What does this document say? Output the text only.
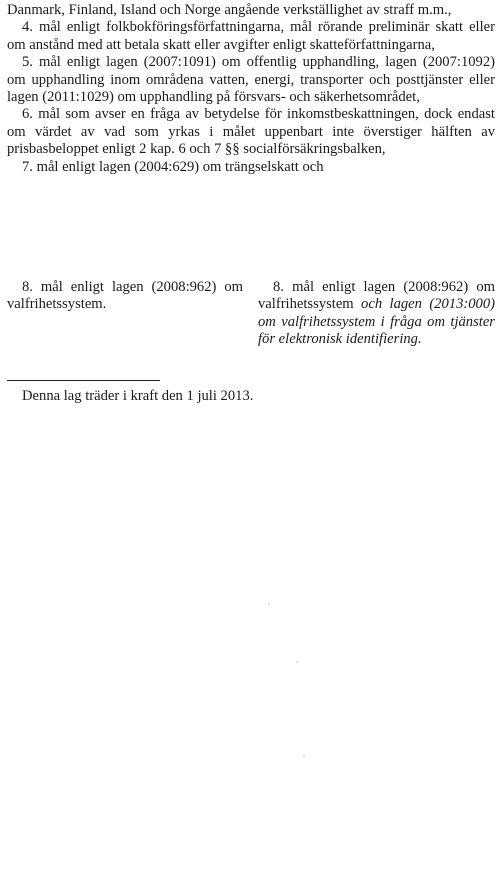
Danmark, Finland, Island och Norge angående verkställighet av straff m.m.,

4. mål enligt folkbokföringsförfattningarna, mål rörande preliminär skatt eller om anstånd med att betala skatt eller avgifter enligt skatteförfattningarna,

5. mål enligt lagen (2007:1091) om offentlig upphandling, lagen (2007:1092) om upphandling inom områdena vatten, energi, transporter och posttjänster eller lagen (2011:1029) om upphandling på försvars- och säkerhetsområdet,

6. mål som avser en fråga av betydelse för inkomstbeskattningen, dock endast om värdet av vad som yrkas i målet uppenbart inte överstiger hälften av prisbasbeloppet enligt 2 kap. 6 och 7 §§ socialförsäkringsbalken,

7. mål enligt lagen (2004:629) om trängselskatt och

8. mål enligt lagen (2008:962) om valfrihetssystem.
8. mål enligt lagen (2008:962) om valfrihetssystem och lagen (2013:000) om valfrihetssystem i fråga om tjänster för elektronisk identifiering.
Denna lag träder i kraft den 1 juli 2013.
